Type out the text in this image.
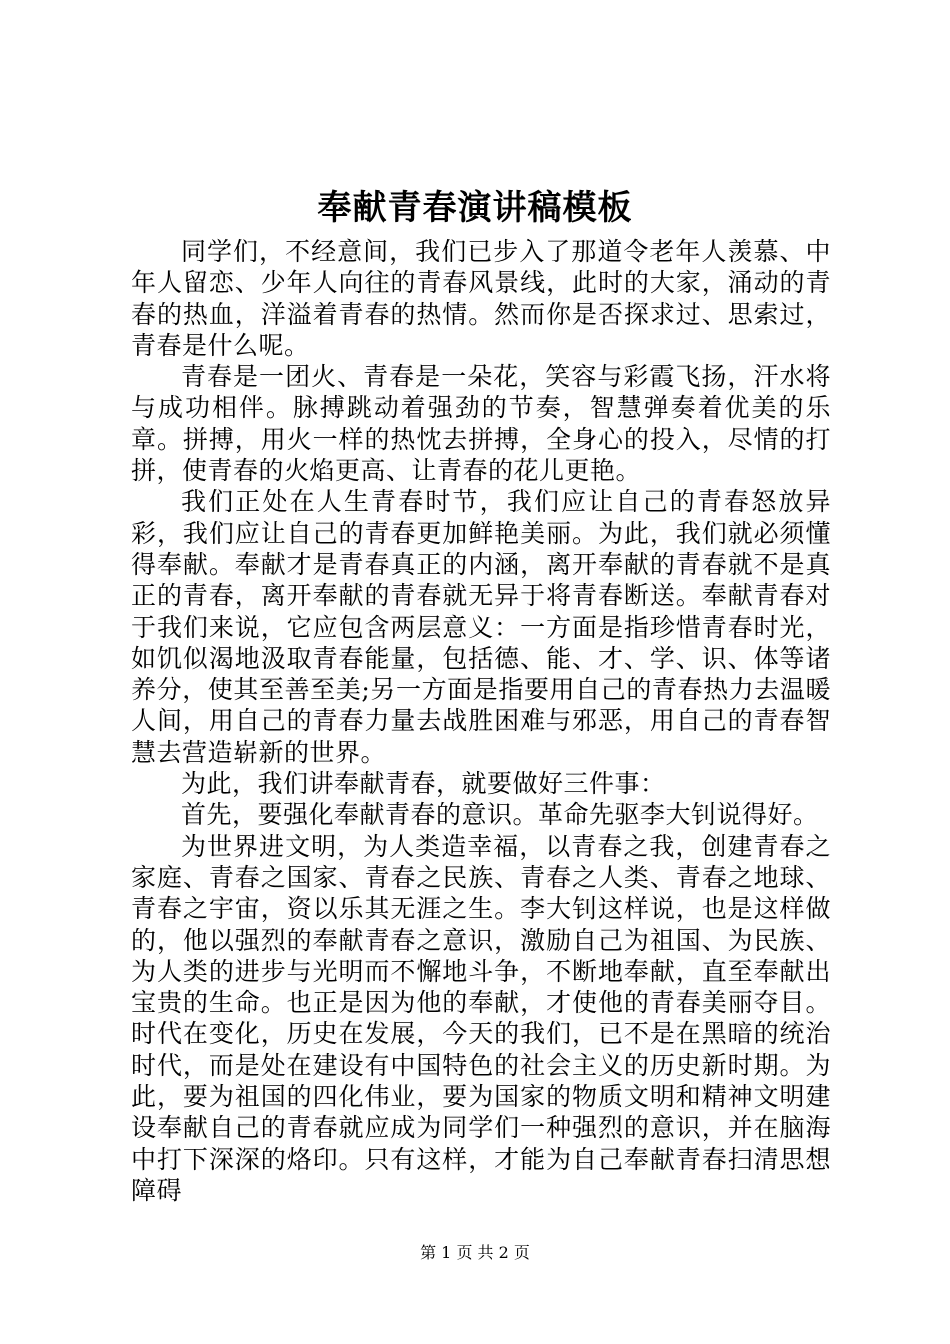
奉献青春演讲稿模板

同学们，不经意间，我们已步入了那道令老年人羡慕、中年人留恋、少年人向往的青春风景线，此时的大家，涌动的青春的热血，洋溢着青春的热情。然而你是否探求过、思索过，青春是什么呢。

青春是一团火、青春是一朵花，笑容与彩霞飞扬，汗水将与成功相伴。脉搏跳动着强劲的节奏，智慧弹奏着优美的乐章。拼搏，用火一样的热忱去拼搏，全身心的投入，尽情的打拼，使青春的火焰更高、让青春的花儿更艳。

我们正处在人生青春时节，我们应让自己的青春怒放异彩，我们应让自己的青春更加鲜艳美丽。为此，我们就必须懂得奉献。奉献才是青春真正的内涵，离开奉献的青春就不是真正的青春，离开奉献的青春就无异于将青春断送。奉献青春对于我们来说，它应包含两层意义：一方面是指珍惜青春时光，如饥似渴地汲取青春能量，包括德、能、才、学、识、体等诸养分，使其至善至美;另一方面是指要用自己的青春热力去温暖人间，用自己的青春力量去战胜困难与邪恶，用自己的青春智慧去营造崭新的世界。

为此，我们讲奉献青春，就要做好三件事：

首先，要强化奉献青春的意识。革命先驱李大钊说得好。

为世界进文明，为人类造幸福，以青春之我，创建青春之家庭、青春之国家、青春之民族、青春之人类、青春之地球、青春之宇宙，资以乐其无涯之生。李大钊这样说，也是这样做的，他以强烈的奉献青春之意识，激励自己为祖国、为民族、为人类的进步与光明而不懈地斗争，不断地奉献，直至奉献出宝贵的生命。也正是因为他的奉献，才使他的青春美丽夺目。时代在变化，历史在发展，今天的我们，已不是在黑暗的统治时代，而是处在建设有中国特色的社会主义的历史新时期。为此，要为祖国的四化伟业，要为国家的物质文明和精神文明建设奉献自己的青春就应成为同学们一种强烈的意识，并在脑海中打下深深的烙印。只有这样，才能为自己奉献青春扫清思想障碍

第 1 页 共 2 页
